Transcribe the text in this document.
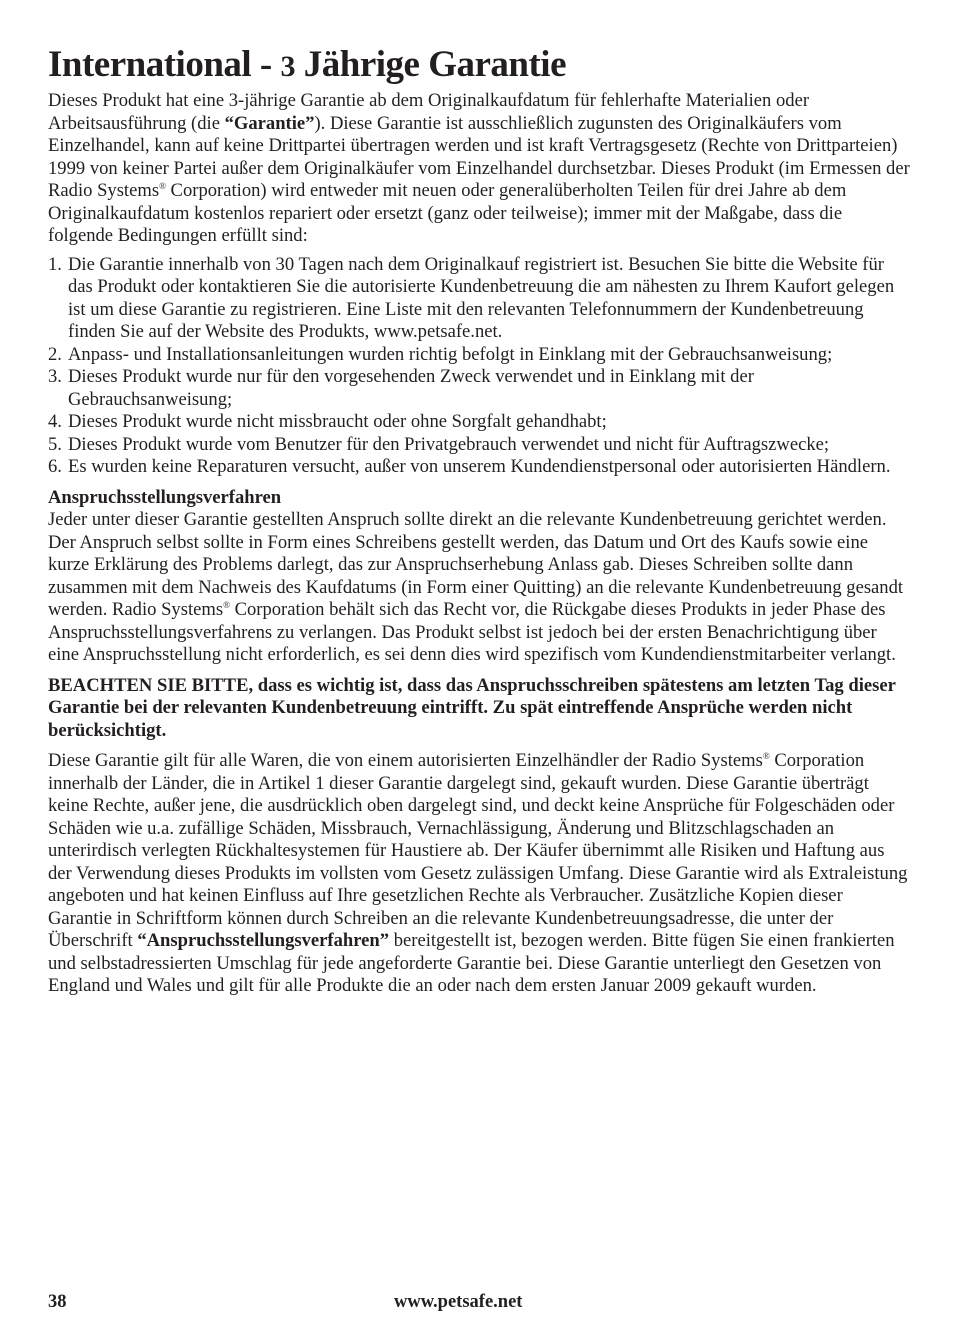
International - 3 Jährige Garantie

Dieses Produkt hat eine 3-jährige Garantie ab dem Originalkaufdatum für fehlerhafte Materialien oder Arbeitsausführung (die “Garantie”). Diese Garantie ist ausschließlich zugunsten des Originalkäufers vom Einzelhandel, kann auf keine Drittpartei übertragen werden und ist kraft Vertragsgesetz (Rechte von Drittparteien) 1999 von keiner Partei außer dem Originalkäufer vom Einzelhandel durchsetzbar. Dieses Produkt (im Ermessen der Radio Systems® Corporation) wird entweder mit neuen oder generalüberholten Teilen für drei Jahre ab dem Originalkaufdatum kostenlos repariert oder ersetzt (ganz oder teilweise); immer mit der Maßgabe, dass die folgende Bedingungen erfüllt sind:

1. Die Garantie innerhalb von 30 Tagen nach dem Originalkauf registriert ist. Besuchen Sie bitte die Website für das Produkt oder kontaktieren Sie die autorisierte Kundenbetreuung die am nähesten zu Ihrem Kaufort gelegen ist um diese Garantie zu registrieren. Eine Liste mit den relevanten Telefonnummern der Kundenbetreuung finden Sie auf der Website des Produkts, www.petsafe.net.
2. Anpass- und Installationsanleitungen wurden richtig befolgt in Einklang mit der Gebrauchsanweisung;
3. Dieses Produkt wurde nur für den vorgesehenden Zweck verwendet und in Einklang mit der Gebrauchsanweisung;
4. Dieses Produkt wurde nicht missbraucht oder ohne Sorgfalt gehandhabt;
5. Dieses Produkt wurde vom Benutzer für den Privatgebrauch verwendet und nicht für Auftragszwecke;
6. Es wurden keine Reparaturen versucht, außer von unserem Kundendienstpersonal oder autorisierten Händlern.

Anspruchsstellungsverfahren

Jeder unter dieser Garantie gestellten Anspruch sollte direkt an die relevante Kundenbetreuung gerichtet werden. Der Anspruch selbst sollte in Form eines Schreibens gestellt werden, das Datum und Ort des Kaufs sowie eine kurze Erklärung des Problems darlegt, das zur Anspruchserhebung Anlass gab. Dieses Schreiben sollte dann zusammen mit dem Nachweis des Kaufdatums (in Form einer Quitting) an die relevante Kundenbetreuung gesandt werden. Radio Systems® Corporation behält sich das Recht vor, die Rückgabe dieses Produkts in jeder Phase des Anspruchsstellungsverfahrens zu verlangen. Das Produkt selbst ist jedoch bei der ersten Benachrichtigung über eine Anspruchsstellung nicht erforderlich, es sei denn dies wird spezifisch vom Kundendienstmitarbeiter verlangt.

BEACHTEN SIE BITTE, dass es wichtig ist, dass das Anspruchsschreiben spätestens am letzten Tag dieser Garantie bei der relevanten Kundenbetreuung eintrifft. Zu spät eintreffende Ansprüche werden nicht berücksichtigt.

Diese Garantie gilt für alle Waren, die von einem autorisierten Einzelhändler der Radio Systems® Corporation innerhalb der Länder, die in Artikel 1 dieser Garantie dargelegt sind, gekauft wurden. Diese Garantie überträgt keine Rechte, außer jene, die ausdrücklich oben dargelegt sind, und deckt keine Ansprüche für Folgeschäden oder Schäden wie u.a. zufällige Schäden, Missbrauch, Vernachlässigung, Änderung und Blitzschlagschaden an unterirdisch verlegten Rückhaltesystemen für Haustiere ab. Der Käufer übernimmt alle Risiken und Haftung aus der Verwendung dieses Produkts im vollsten vom Gesetz zulässigen Umfang. Diese Garantie wird als Extraleistung angeboten und hat keinen Einfluss auf Ihre gesetzlichen Rechte als Verbraucher. Zusätzliche Kopien dieser Garantie in Schriftform können durch Schreiben an die relevante Kundenbetreuungsadresse, die unter der Überschrift “Anspruchsstellungsverfahren” bereitgestellt ist, bezogen werden. Bitte fügen Sie einen frankierten und selbstadressierten Umschlag für jede angeforderte Garantie bei. Diese Garantie unterliegt den Gesetzen von England und Wales und gilt für alle Produkte die an oder nach dem ersten Januar 2009 gekauft wurden.

38	www.petsafe.net
